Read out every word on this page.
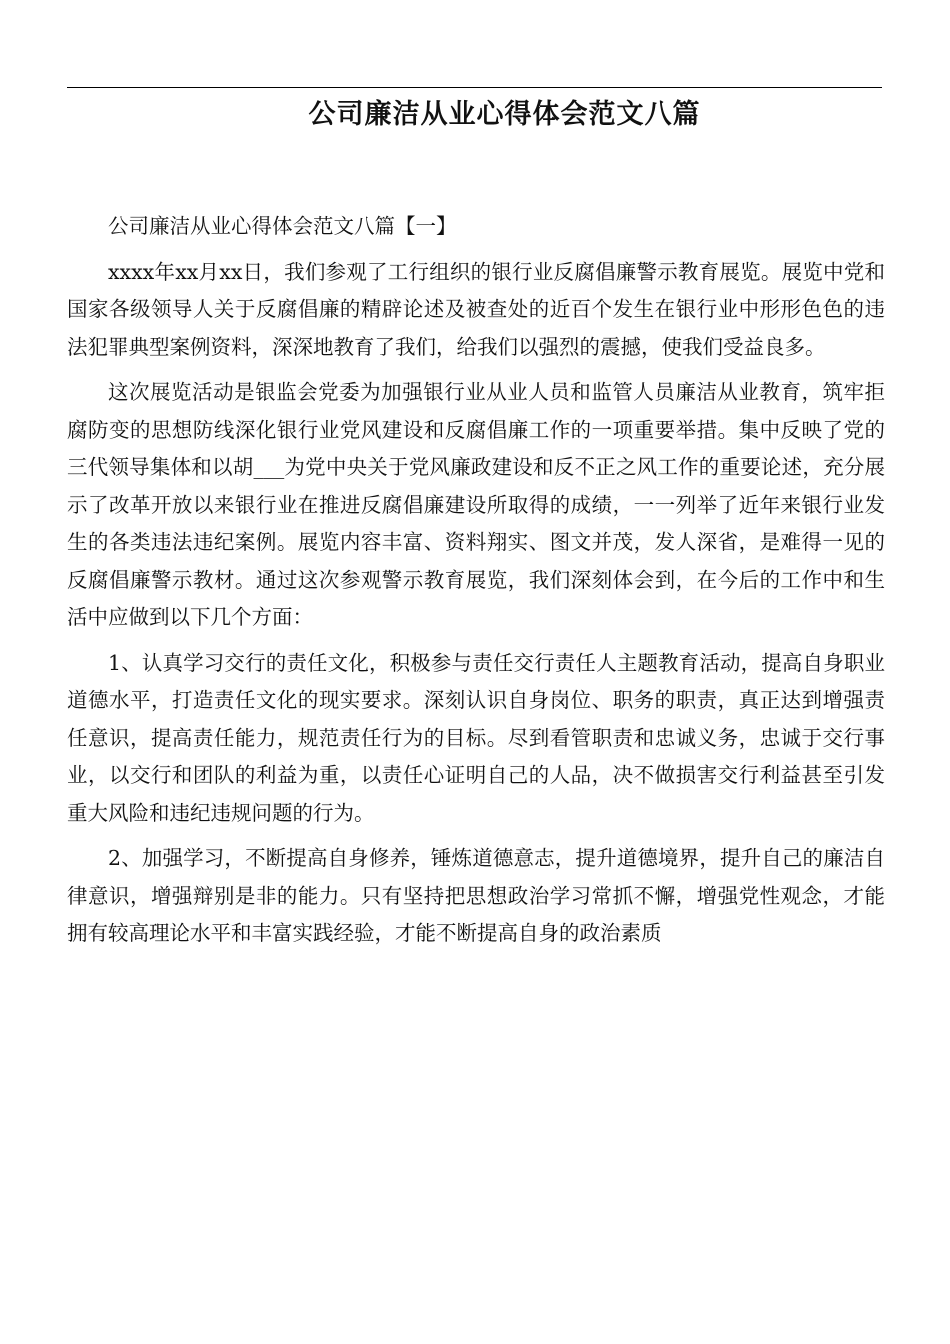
公司廉洁从业心得体会范文八篇

公司廉洁从业心得体会范文八篇【一】

xxxx年xx月xx日，我们参观了工行组织的银行业反腐倡廉警示教育展览。展览中党和国家各级领导人关于反腐倡廉的精辟论述及被查处的近百个发生在银行业中形形色色的违法犯罪典型案例资料，深深地教育了我们，给我们以强烈的震撼，使我们受益良多。

这次展览活动是银监会党委为加强银行业从业人员和监管人员廉洁从业教育，筑牢拒腐防变的思想防线深化银行业党风建设和反腐倡廉工作的一项重要举措。集中反映了党的三代领导集体和以胡___为党中央关于党风廉政建设和反不正之风工作的重要论述，充分展示了改革开放以来银行业在推进反腐倡廉建设所取得的成绩，一一列举了近年来银行业发生的各类违法违纪案例。展览内容丰富、资料翔实、图文并茂，发人深省，是难得一见的反腐倡廉警示教材。通过这次参观警示教育展览，我们深刻体会到，在今后的工作中和生活中应做到以下几个方面：

1、认真学习交行的责任文化，积极参与责任交行责任人主题教育活动，提高自身职业道德水平，打造责任文化的现实要求。深刻认识自身岗位、职务的职责，真正达到增强责任意识，提高责任能力，规范责任行为的目标。尽到看管职责和忠诚义务，忠诚于交行事业，以交行和团队的利益为重，以责任心证明自己的人品，决不做损害交行利益甚至引发重大风险和违纪违规问题的行为。

2、加强学习，不断提高自身修养，锤炼道德意志，提升道德境界，提升自己的廉洁自律意识，增强辩别是非的能力。只有坚持把思想政治学习常抓不懈，增强党性观念，才能拥有较高理论水平和丰富实践经验，才能不断提高自身的政治素质
